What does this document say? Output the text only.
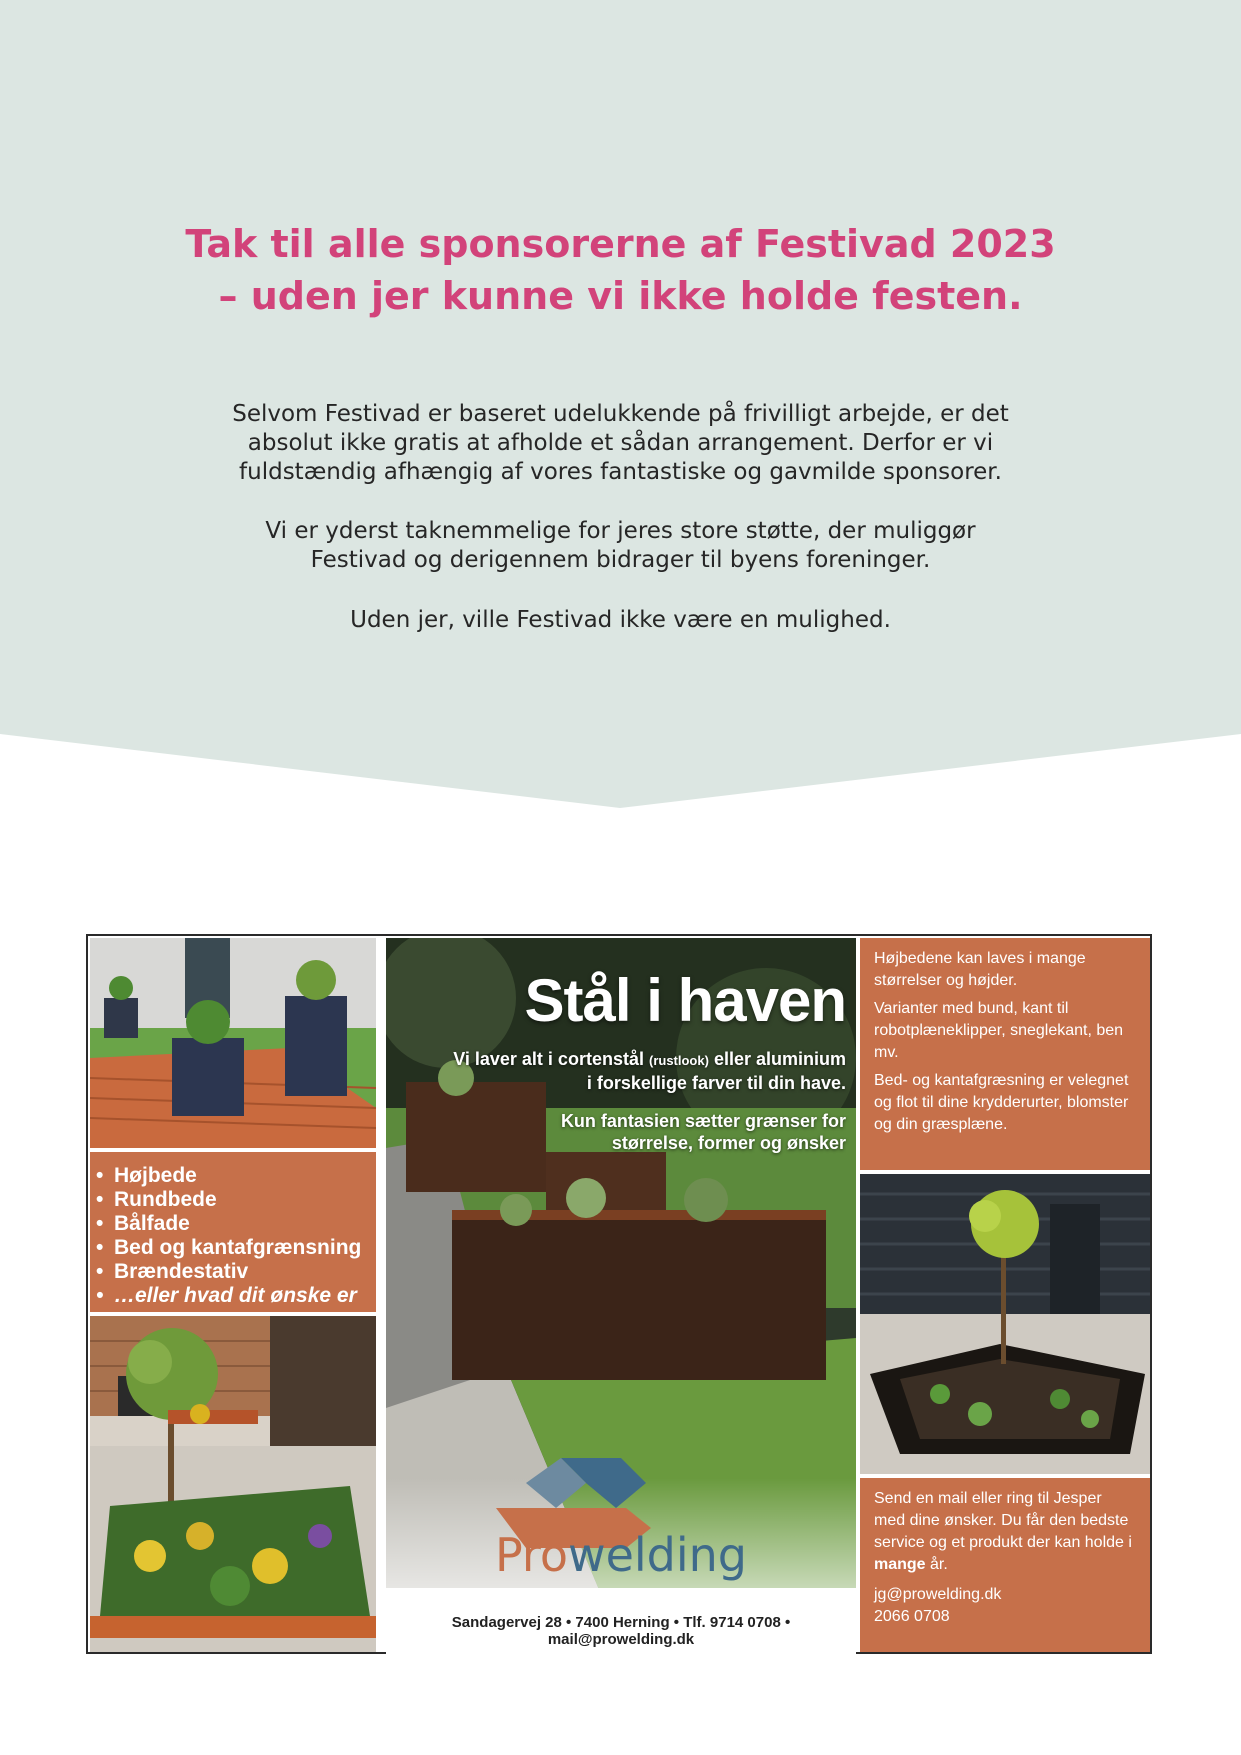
Tak til alle sponsorerne af Festivad 2023
– uden jer kunne vi ikke holde festen.

Selvom Festivad er baseret udelukkende på frivilligt arbejde, er det absolut ikke gratis at afholde et sådan arrangement. Derfor er vi fuldstændig afhængig af vores fantastiske og gavmilde sponsorer.

Vi er yderst taknemmelige for jeres store støtte, der muliggør Festivad og derigennem bidrager til byens foreninger.

Uden jer, ville Festivad ikke være en mulighed.

• Højbede
• Rundbede
• Bålfade
• Bed og kantafgrænsning
• Brændestativ
• …eller hvad dit ønske er
Stål i haven
Vi laver alt i cortenstål (rustlook) eller aluminium i forskellige farver til din have.
Kun fantasien sætter grænser for størrelse, former og ønsker
Prowelding
Sandagervej 28 • 7400 Herning • Tlf. 9714 0708 • mail@prowelding.dk

Højbedene kan laves i mange størrelser og højder.

Varianter med bund, kant til robotplæneklipper, sneglekant, ben mv.

Bed- og kantafgræsning er velegnet og flot til dine krydderurter, blomster og din græsplæne.

Send en mail eller ring til Jesper med dine ønsker. Du får den bedste service og et produkt der kan holde i mange år.

jg@prowelding.dk

2066 0708
